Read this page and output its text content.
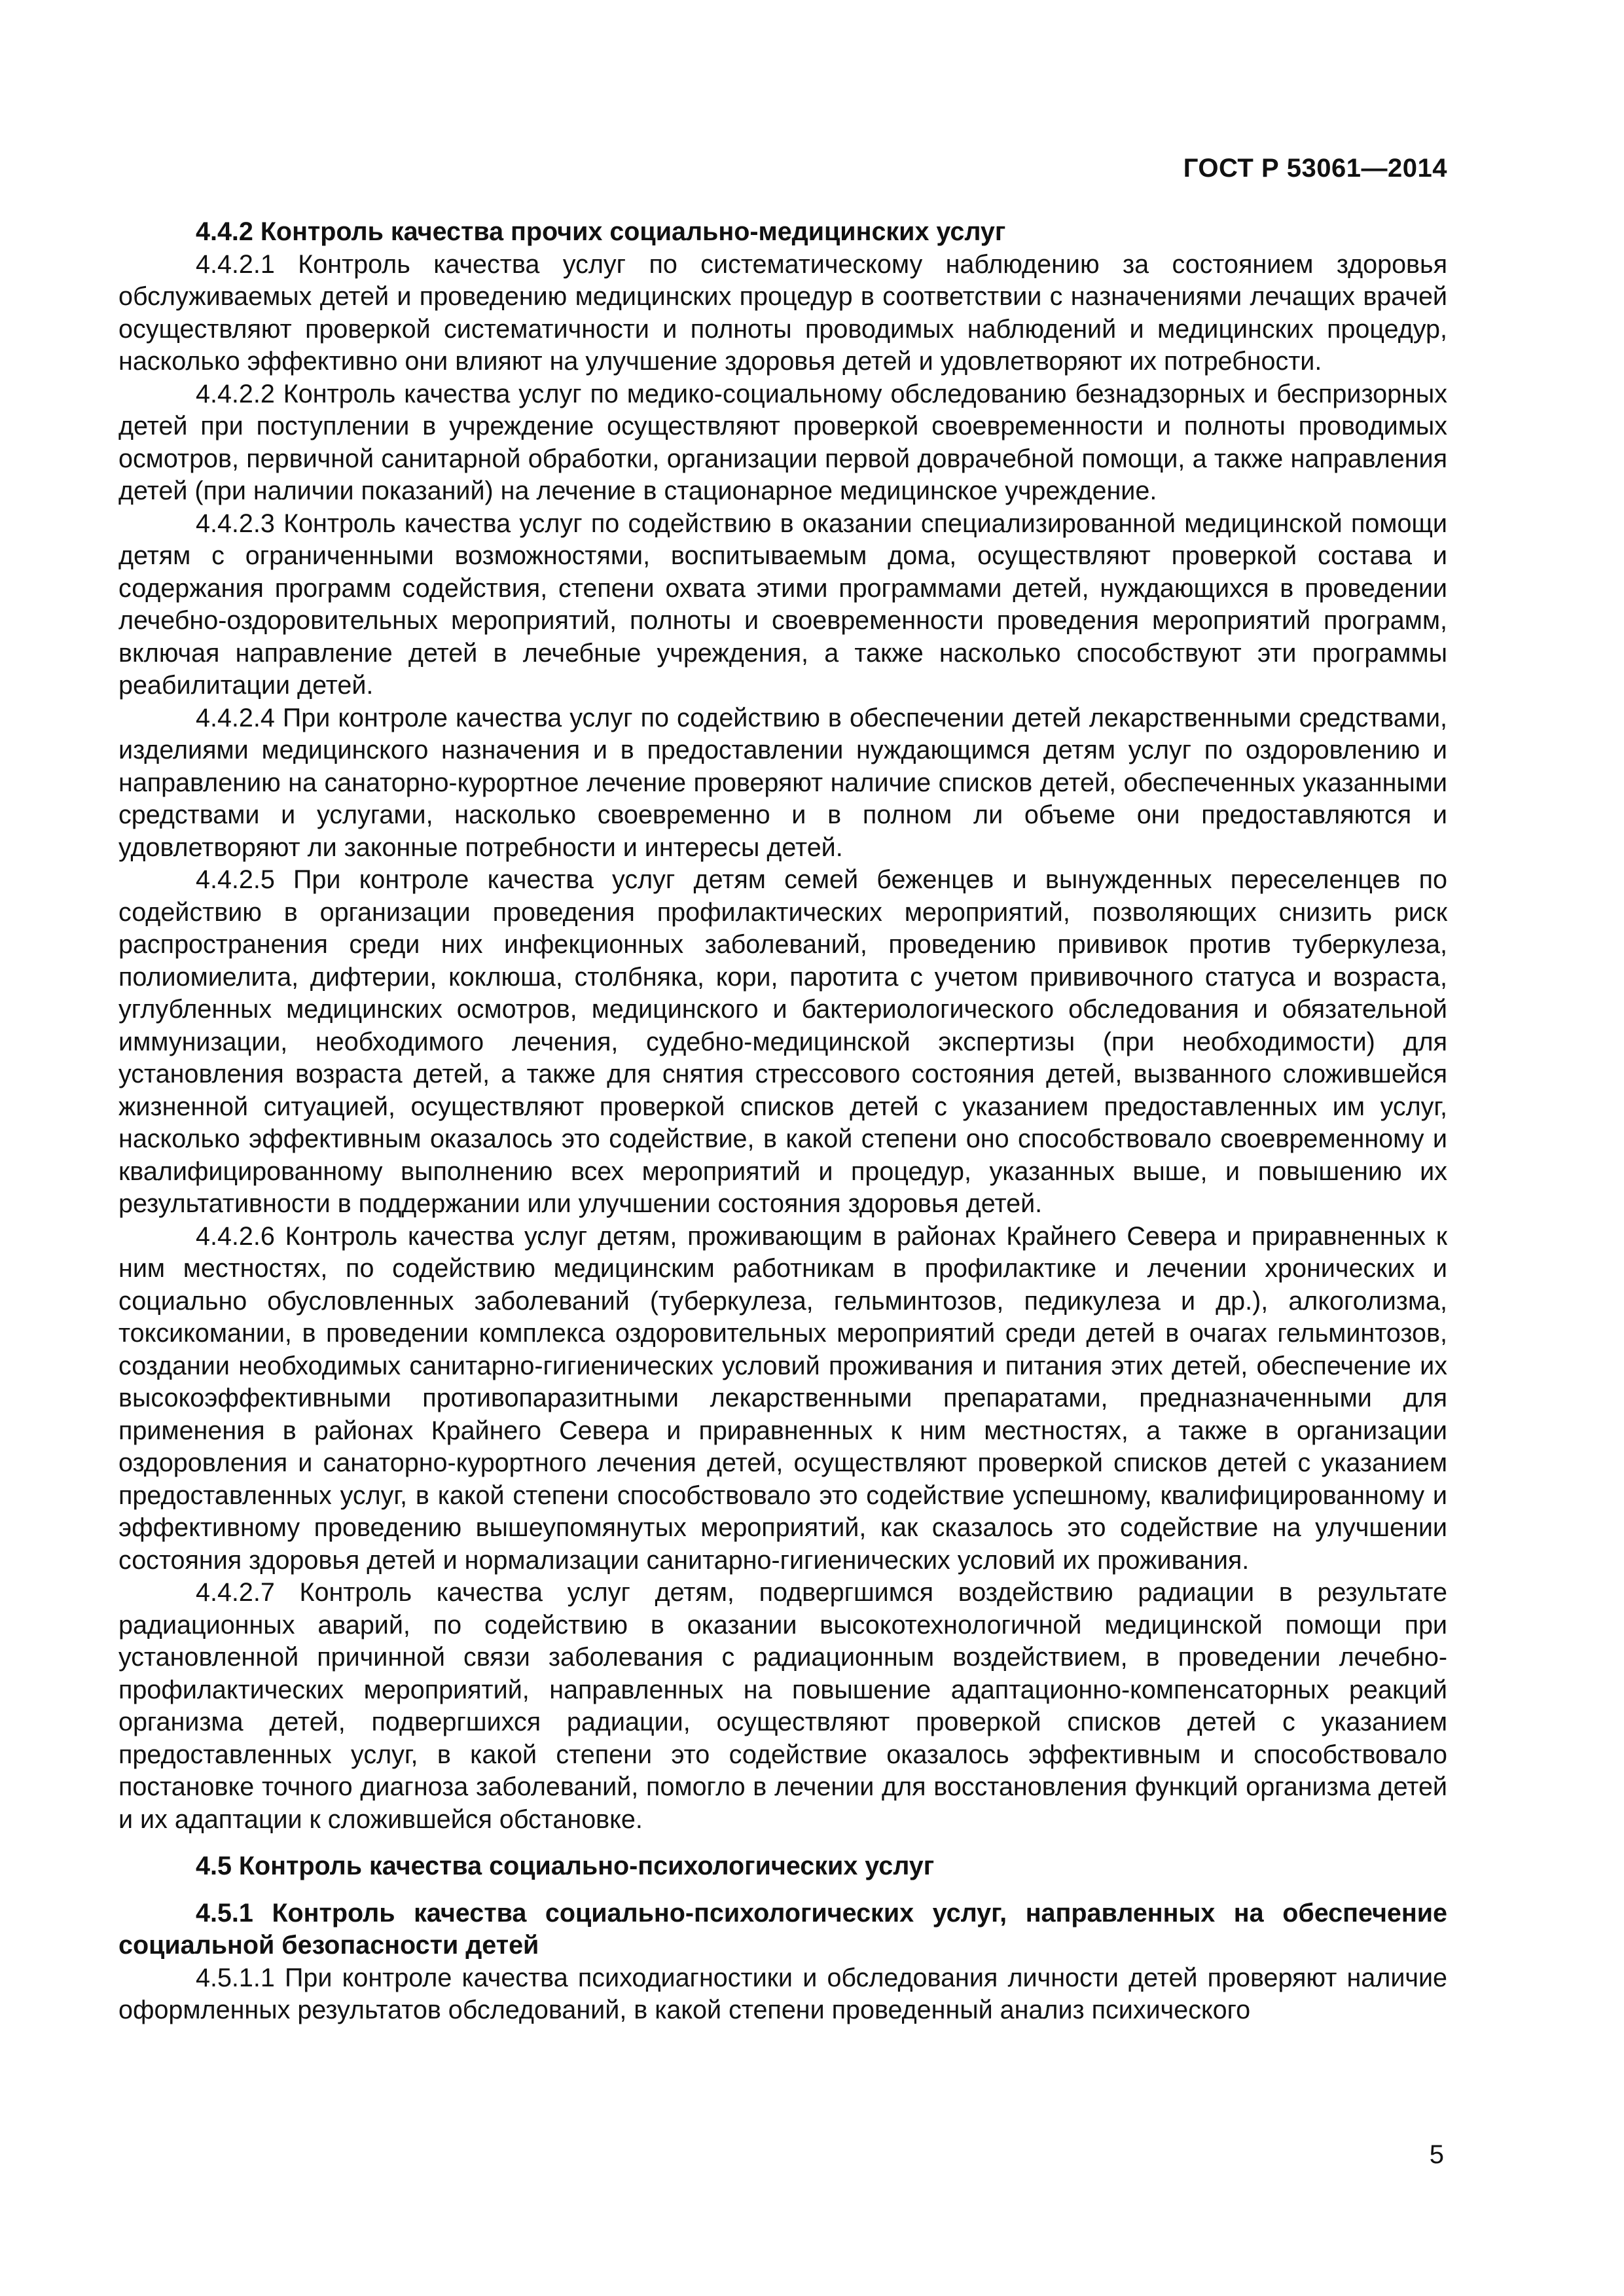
ГОСТ Р 53061—2014

4.4.2 Контроль качества прочих социально-медицинских услуг

4.4.2.1 Контроль качества услуг по систематическому наблюдению за состоянием здоровья обслуживаемых детей и проведению медицинских процедур в соответствии с назначениями лечащих врачей осуществляют проверкой систематичности и полноты проводимых наблюдений и медицинских процедур, насколько эффективно они влияют на улучшение здоровья детей и удовлетворяют их потребности.

4.4.2.2 Контроль качества услуг по медико-социальному обследованию безнадзорных и беспризорных детей при поступлении в учреждение осуществляют проверкой своевременности и полноты проводимых осмотров, первичной санитарной обработки, организации первой доврачебной помощи, а также направления детей (при наличии показаний) на лечение в стационарное медицинское учреждение.

4.4.2.3 Контроль качества услуг по содействию в оказании специализированной медицинской помощи детям с ограниченными возможностями, воспитываемым дома, осуществляют проверкой состава и содержания программ содействия, степени охвата этими программами детей, нуждающихся в проведении лечебно-оздоровительных мероприятий, полноты и своевременности проведения мероприятий программ, включая направление детей в лечебные учреждения, а также насколько способствуют эти программы реабилитации детей.

4.4.2.4 При контроле качества услуг по содействию в обеспечении детей лекарственными средствами, изделиями медицинского назначения и в предоставлении нуждающимся детям услуг по оздоровлению и направлению на санаторно-курортное лечение проверяют наличие списков детей, обеспеченных указанными средствами и услугами, насколько своевременно и в полном ли объеме они предоставляются и удовлетворяют ли законные потребности и интересы детей.

4.4.2.5 При контроле качества услуг детям семей беженцев и вынужденных переселенцев по содействию в организации проведения профилактических мероприятий, позволяющих снизить риск распространения среди них инфекционных заболеваний, проведению прививок против туберкулеза, полиомиелита, дифтерии, коклюша, столбняка, кори, паротита с учетом прививочного статуса и возраста, углубленных медицинских осмотров, медицинского и бактериологического обследования и обязательной иммунизации, необходимого лечения, судебно-медицинской экспертизы (при необходимости) для установления возраста детей, а также для снятия стрессового состояния детей, вызванного сложившейся жизненной ситуацией, осуществляют проверкой списков детей с указанием предоставленных им услуг, насколько эффективным оказалось это содействие, в какой степени оно способствовало своевременному и квалифицированному выполнению всех мероприятий и процедур, указанных выше, и повышению их результативности в поддержании или улучшении состояния здоровья детей.

4.4.2.6 Контроль качества услуг детям, проживающим в районах Крайнего Севера и приравненных к ним местностях, по содействию медицинским работникам в профилактике и лечении хронических и социально обусловленных заболеваний (туберкулеза, гельминтозов, педикулеза и др.), алкоголизма, токсикомании, в проведении комплекса оздоровительных мероприятий среди детей в очагах гельминтозов, создании необходимых санитарно-гигиенических условий проживания и питания этих детей, обеспечение их высокоэффективными противопаразитными лекарственными препаратами, предназначенными для применения в районах Крайнего Севера и приравненных к ним местностях, а также в организации оздоровления и санаторно-курортного лечения детей, осуществляют проверкой списков детей с указанием предоставленных услуг, в какой степени способствовало это содействие успешному, квалифицированному и эффективному проведению вышеупомянутых мероприятий, как сказалось это содействие на улучшении состояния здоровья детей и нормализации санитарно-гигиенических условий их проживания.

4.4.2.7 Контроль качества услуг детям, подвергшимся воздействию радиации в результате радиационных аварий, по содействию в оказании высокотехнологичной медицинской помощи при установленной причинной связи заболевания с радиационным воздействием, в проведении лечебно-профилактических мероприятий, направленных на повышение адаптационно-компенсаторных реакций организма детей, подвергшихся радиации, осуществляют проверкой списков детей с указанием предоставленных услуг, в какой степени это содействие оказалось эффективным и способствовало постановке точного диагноза заболеваний, помогло в лечении для восстановления функций организма детей и их адаптации к сложившейся обстановке.

4.5 Контроль качества социально-психологических услуг

4.5.1 Контроль качества социально-психологических услуг, направленных на обеспечение социальной безопасности детей

4.5.1.1 При контроле качества психодиагностики и обследования личности детей проверяют наличие оформленных результатов обследований, в какой степени проведенный анализ психического

5
